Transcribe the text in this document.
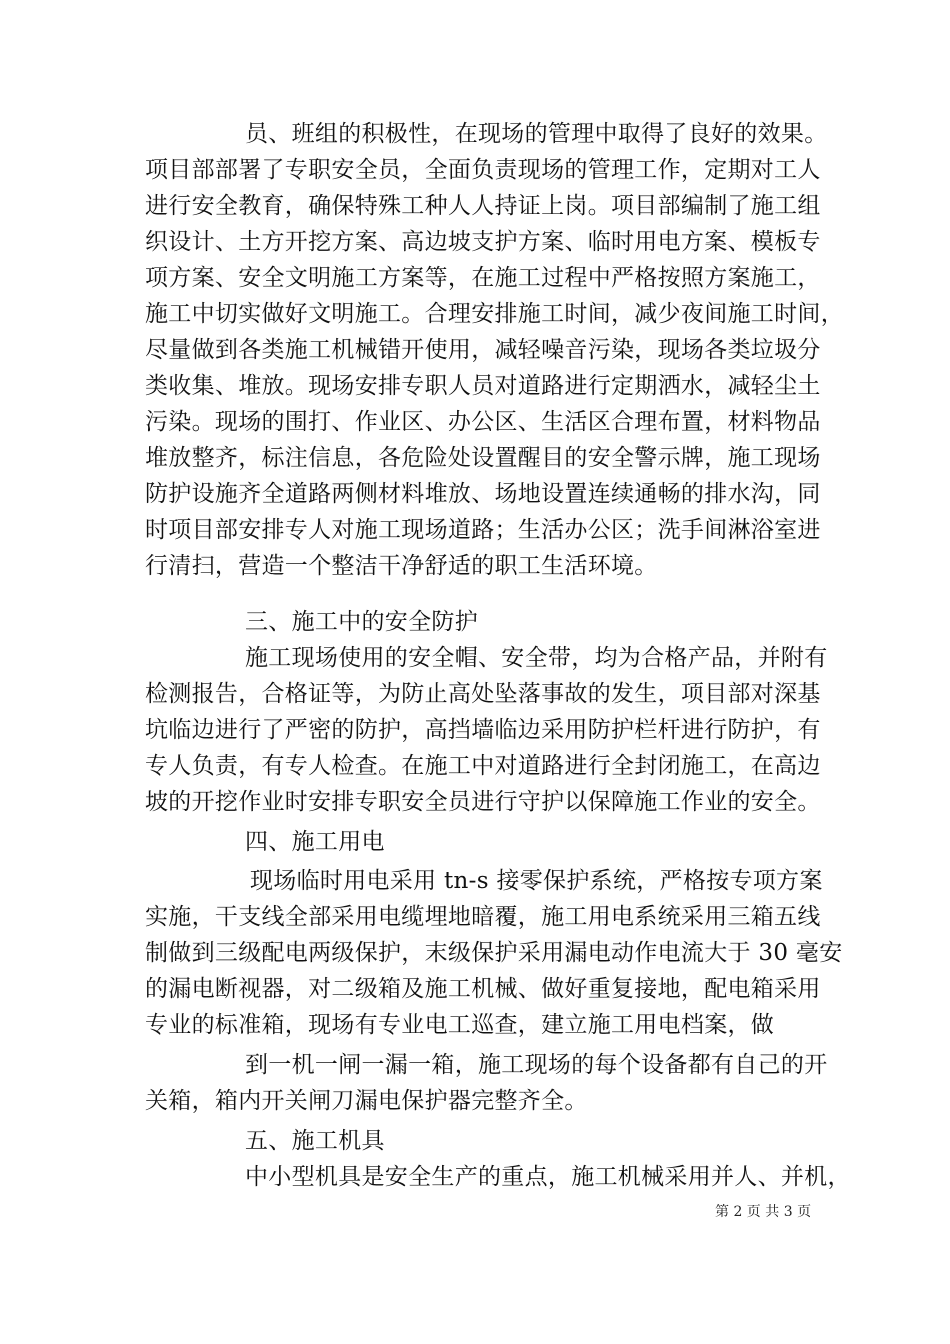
员、班组的积极性，在现场的管理中取得了良好的效果。
项目部部署了专职安全员，全面负责现场的管理工作，定期对工人
进行安全教育，确保特殊工种人人持证上岗。项目部编制了施工组
织设计、土方开挖方案、高边坡支护方案、临时用电方案、模板专
项方案、安全文明施工方案等，在施工过程中严格按照方案施工，
施工中切实做好文明施工。合理安排施工时间，减少夜间施工时间，
尽量做到各类施工机械错开使用，减轻噪音污染，现场各类垃圾分
类收集、堆放。现场安排专职人员对道路进行定期洒水，减轻尘土
污染。现场的围打、作业区、办公区、生活区合理布置，材料物品
堆放整齐，标注信息，各危险处设置醒目的安全警示牌，施工现场
防护设施齐全道路两侧材料堆放、场地设置连续通畅的排水沟，同
时项目部安排专人对施工现场道路；生活办公区；洗手间淋浴室进
行清扫，营造一个整洁干净舒适的职工生活环境。
三、施工中的安全防护
施工现场使用的安全帽、安全带，均为合格产品，并附有
检测报告，合格证等，为防止高处坠落事故的发生，项目部对深基
坑临边进行了严密的防护，高挡墙临边采用防护栏杆进行防护，有
专人负责，有专人检查。在施工中对道路进行全封闭施工，在高边
坡的开挖作业时安排专职安全员进行守护以保障施工作业的安全。
四、施工用电
现场临时用电采用 tn-s 接零保护系统，严格按专项方案
实施，干支线全部采用电缆埋地暗覆，施工用电系统采用三箱五线
制做到三级配电两级保护，末级保护采用漏电动作电流大于 30 毫安
的漏电断视器，对二级箱及施工机械、做好重复接地，配电箱采用
专业的标准箱，现场有专业电工巡查，建立施工用电档案，做
到一机一闸一漏一箱，施工现场的每个设备都有自己的开
关箱，箱内开关闸刀漏电保护器完整齐全。
五、施工机具
中小型机具是安全生产的重点，施工机械采用并人、并机，
第 2 页 共 3 页
